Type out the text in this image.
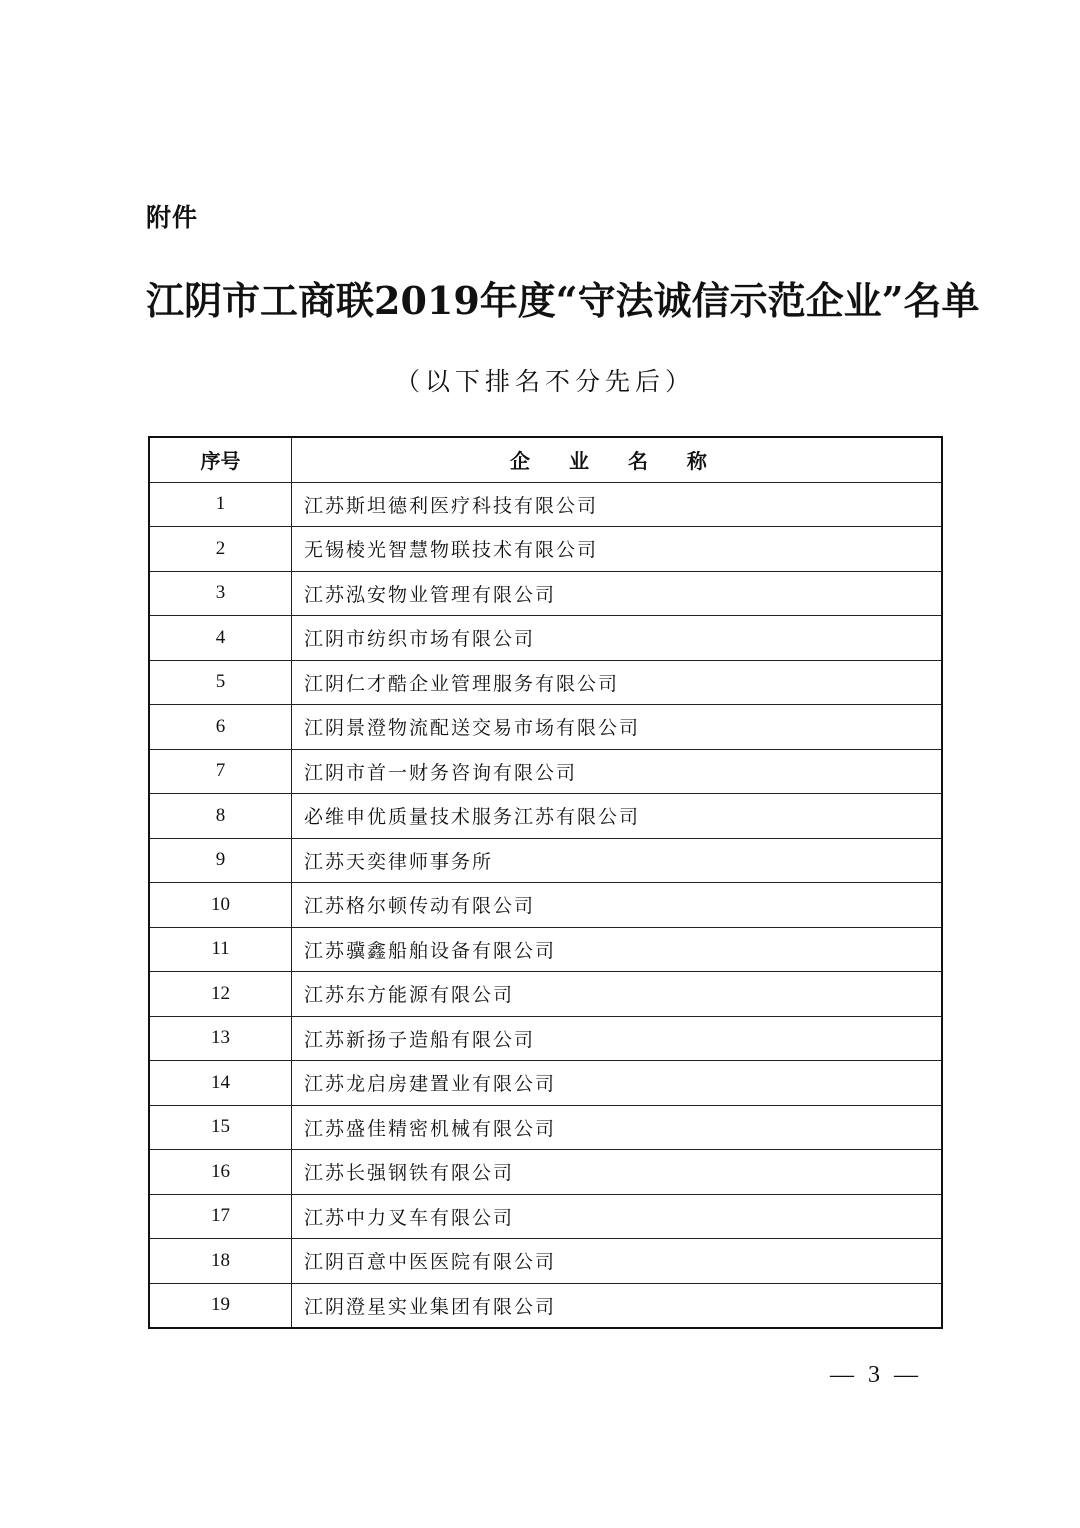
附件
江阴市工商联2019年度“守法诚信示范企业”名单
（以下排名不分先后）
序号	企 业 名 称
1	江苏斯坦德利医疗科技有限公司
2	无锡棱光智慧物联技术有限公司
3	江苏泓安物业管理有限公司
4	江阴市纺织市场有限公司
5	江阴仁才酷企业管理服务有限公司
6	江阴景澄物流配送交易市场有限公司
7	江阴市首一财务咨询有限公司
8	必维申优质量技术服务江苏有限公司
9	江苏天奕律师事务所
10	江苏格尔顿传动有限公司
11	江苏骥鑫船舶设备有限公司
12	江苏东方能源有限公司
13	江苏新扬子造船有限公司
14	江苏龙启房建置业有限公司
15	江苏盛佳精密机械有限公司
16	江苏长强钢铁有限公司
17	江苏中力叉车有限公司
18	江阴百意中医医院有限公司
19	江阴澄星实业集团有限公司
— 3 —
